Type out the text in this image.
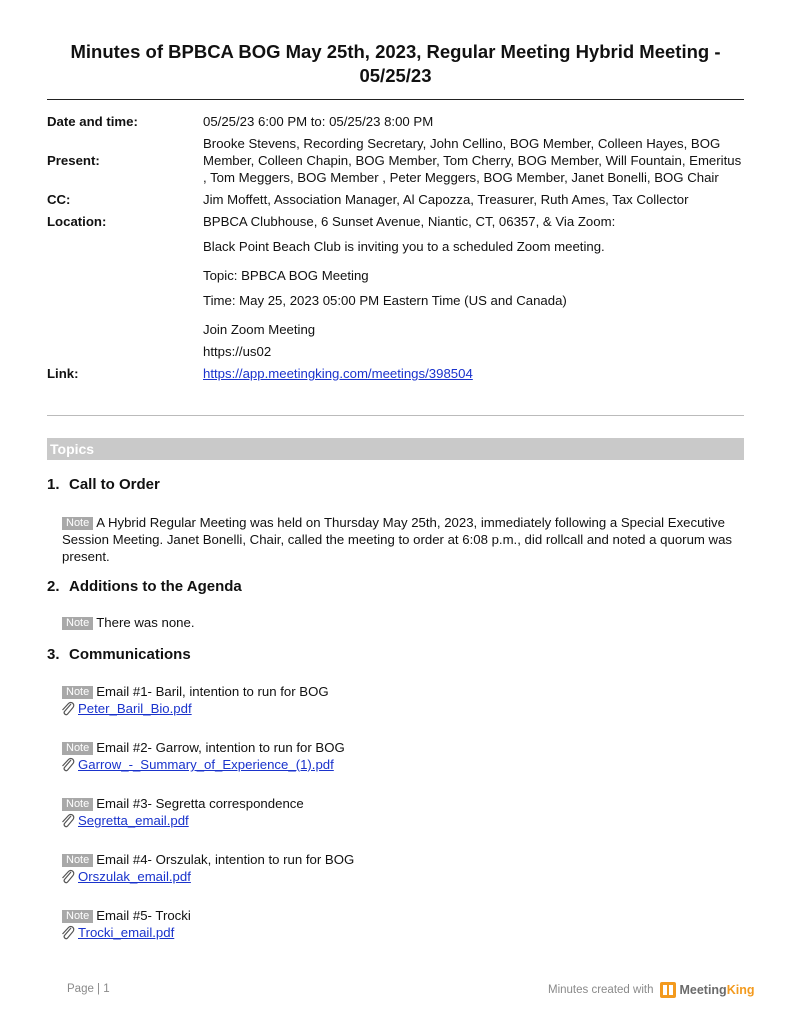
Minutes of BPBCA BOG May 25th, 2023, Regular Meeting Hybrid Meeting - 05/25/23
Date and time:	05/25/23 6:00 PM to: 05/25/23 8:00 PM
Present:
Brooke Stevens, Recording Secretary, John Cellino, BOG Member, Colleen Hayes, BOG Member, Colleen Chapin, BOG Member, Tom Cherry, BOG Member, Will Fountain, Emeritus , Tom Meggers, BOG Member , Peter Meggers, BOG Member, Janet Bonelli, BOG Chair
CC:	Jim Moffett, Association Manager, Al Capozza, Treasurer, Ruth Ames, Tax Collector
Location:	BPBCA Clubhouse, 6 Sunset Avenue, Niantic, CT, 06357, & Via Zoom:
Black Point Beach Club is inviting you to a scheduled Zoom meeting.
Topic: BPBCA BOG Meeting
Time: May 25, 2023 05:00 PM Eastern Time (US and Canada)
Join Zoom Meeting
https://us02
Link:	https://app.meetingking.com/meetings/398504
Topics
1. Call to Order
Note A Hybrid Regular Meeting was held on Thursday May 25th, 2023, immediately following a Special Executive Session Meeting. Janet Bonelli, Chair, called the meeting to order at 6:08 p.m., did rollcall and noted a quorum was present.
2. Additions to the Agenda
Note There was none.
3. Communications
Note Email #1- Baril, intention to run for BOG
Peter_Baril_Bio.pdf
Note Email #2- Garrow, intention to run for BOG
Garrow_-_Summary_of_Experience_(1).pdf
Note Email #3- Segretta correspondence
Segretta_email.pdf
Note Email #4- Orszulak, intention to run for BOG
Orszulak_email.pdf
Note Email #5- Trocki
Trocki_email.pdf
Page | 1	Minutes created with MeetingKing
